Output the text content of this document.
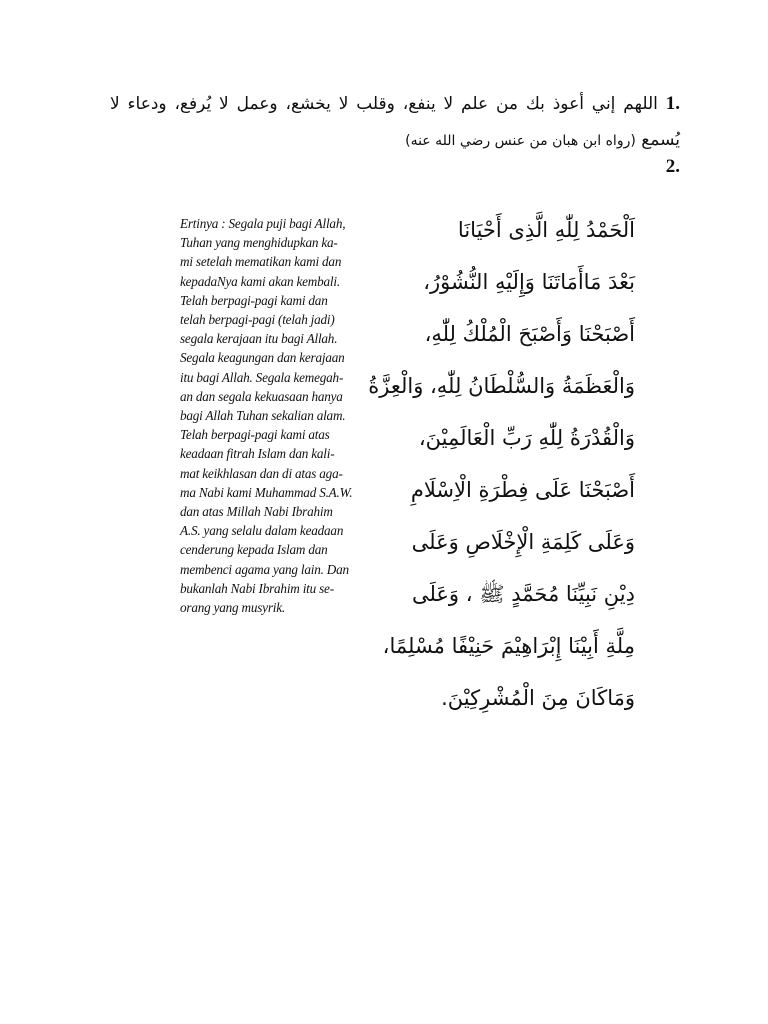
1. اللهم إني أعوذ بك من علم لا ينفع، وقلب لا يخشع، وعمل لا يُرفع، ودعاء لا يُسمع (رواه ابن هبان من عنس رضي الله عنه)
2.
Ertinya : Segala puji bagi Allah,
Tuhan yang menghidupkan ka-
mi setelah mematikan kami dan
kepadaNya kami akan kembali.
Telah berpagi-pagi kami dan
telah berpagi-pagi (telah jadi)
segala kerajaan itu bagi Allah.
Segala keagungan dan kerajaan
itu bagi Allah. Segala kemegah-
an dan segala kekuasaan hanya
bagi Allah Tuhan sekalian alam.
Telah berpagi-pagi kami atas
keadaan fitrah Islam dan kali-
mat keikhlasan dan di atas aga-
ma Nabi kami Muhammad S.A.W.
dan atas Millah Nabi Ibrahim
A.S. yang selalu dalam keadaan
cenderung kepada Islam dan
membenci agama yang lain. Dan
bukanlah Nabi Ibrahim itu se-
orang yang musyrik.
اَلْحَمْدُ لِلّٰهِ الَّذِى أَحْيَانَا
بَعْدَ مَاأَمَاتَنَا وَإِلَيْهِ النُّشُوْرُ،
أَصْبَحْنَا وَأَصْبَحَ الْمُلْكُ لِلّٰهِ،
وَالْعَظَمَةُ وَالسُّلْطَانُ لِلّٰهِ، وَالْعِزَّةُ
وَالْقُدْرَةُ لِلّٰهِ رَبِّ الْعَالَمِيْنَ،
أَصْبَحْنَا عَلَى فِطْرَةِ الْاِسْلَامِ
وَعَلَى كَلِمَةِ الْإِخْلَاصِ وَعَلَى
دِيْنِ نَبِيِّنَا مُحَمَّدٍ ﷺ ، وَعَلَى
مِلَّةِ أَبِيْنَا إِبْرَاهِيْمَ حَنِيْفًا مُسْلِمًا،
وَمَاكَانَ مِنَ الْمُشْرِكِيْنَ.
